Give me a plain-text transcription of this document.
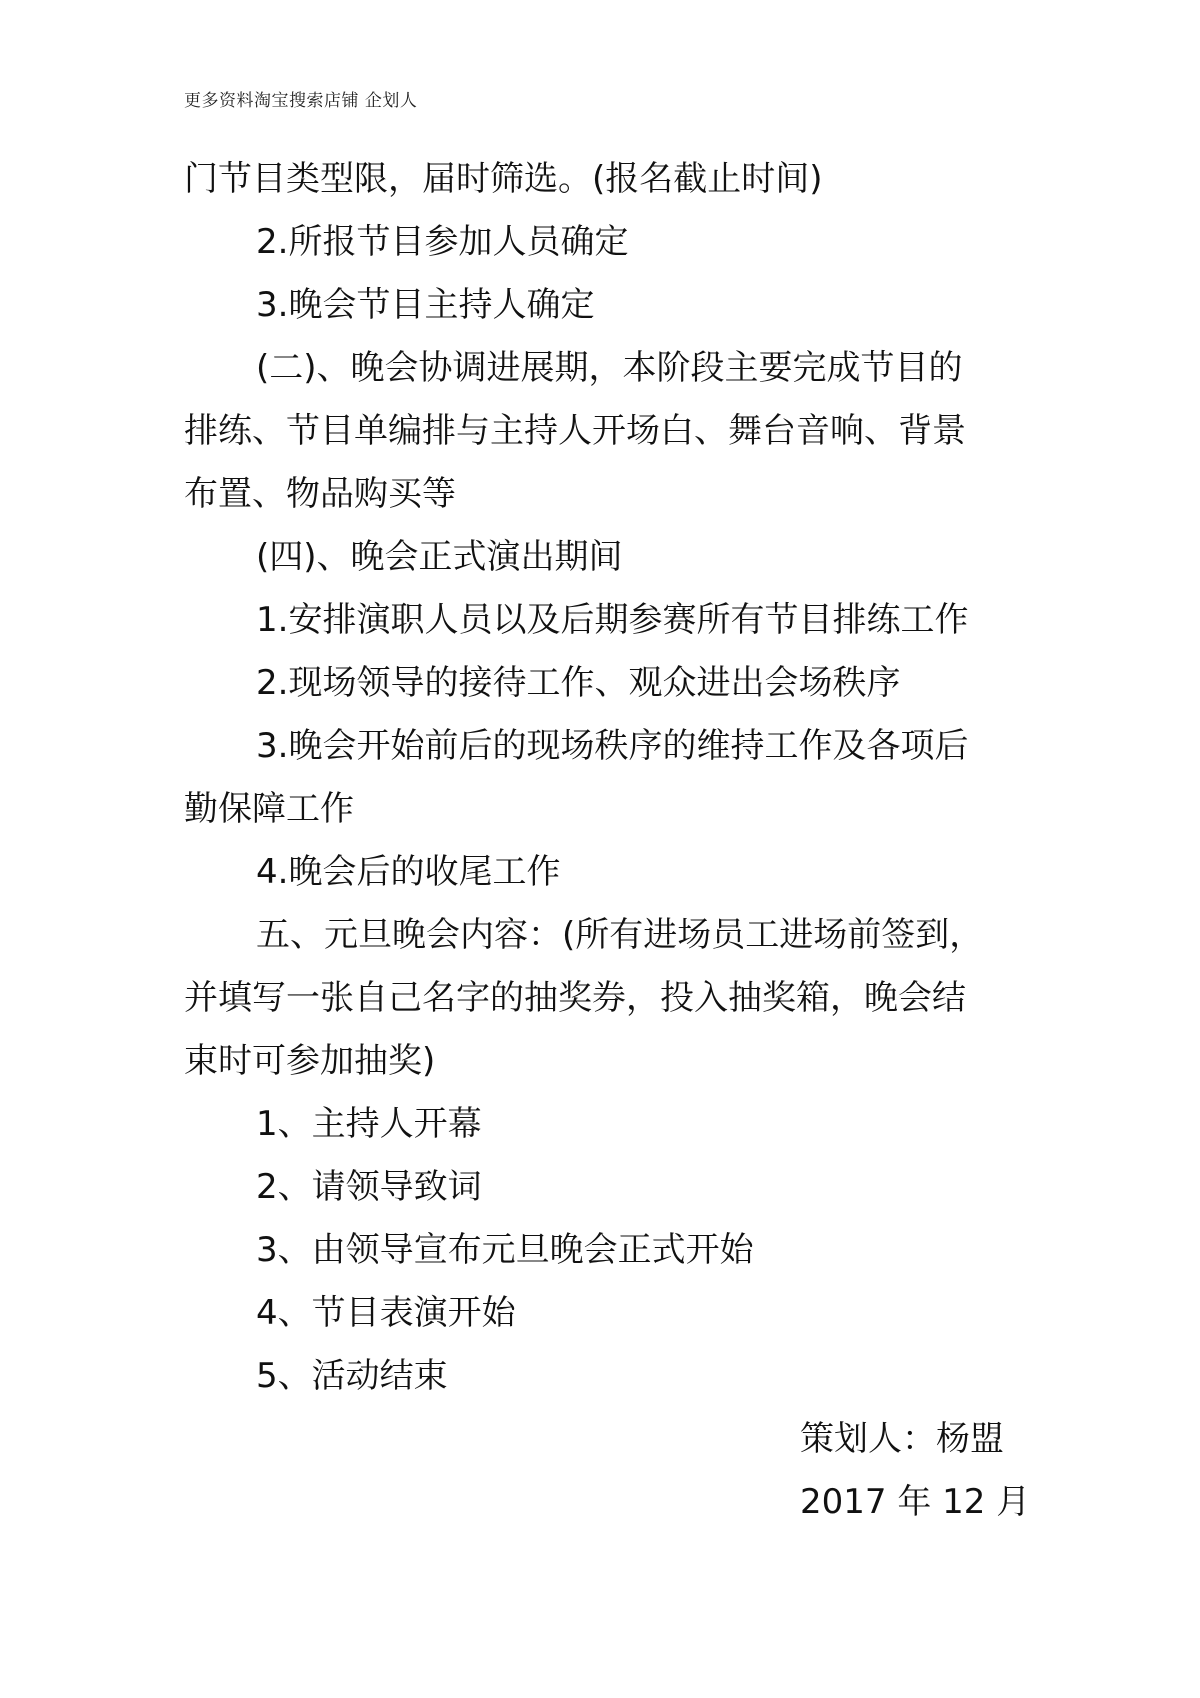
更多资料淘宝搜索店铺 企划人
门节目类型限，届时筛选。(报名截止时间)
2.所报节目参加人员确定
3.晚会节目主持人确定
(二)、晚会协调进展期，本阶段主要完成节目的
排练、节目单编排与主持人开场白、舞台音响、背景
布置、物品购买等
(四)、晚会正式演出期间
1.安排演职人员以及后期参赛所有节目排练工作
2.现场领导的接待工作、观众进出会场秩序
3.晚会开始前后的现场秩序的维持工作及各项后
勤保障工作
4.晚会后的收尾工作
五、元旦晚会内容：(所有进场员工进场前签到，
并填写一张自己名字的抽奖券，投入抽奖箱，晚会结
束时可参加抽奖)
1、主持人开幕
2、请领导致词
3、由领导宣布元旦晚会正式开始
4、节目表演开始
5、活动结束
策划人：杨盟
2017 年 12 月
